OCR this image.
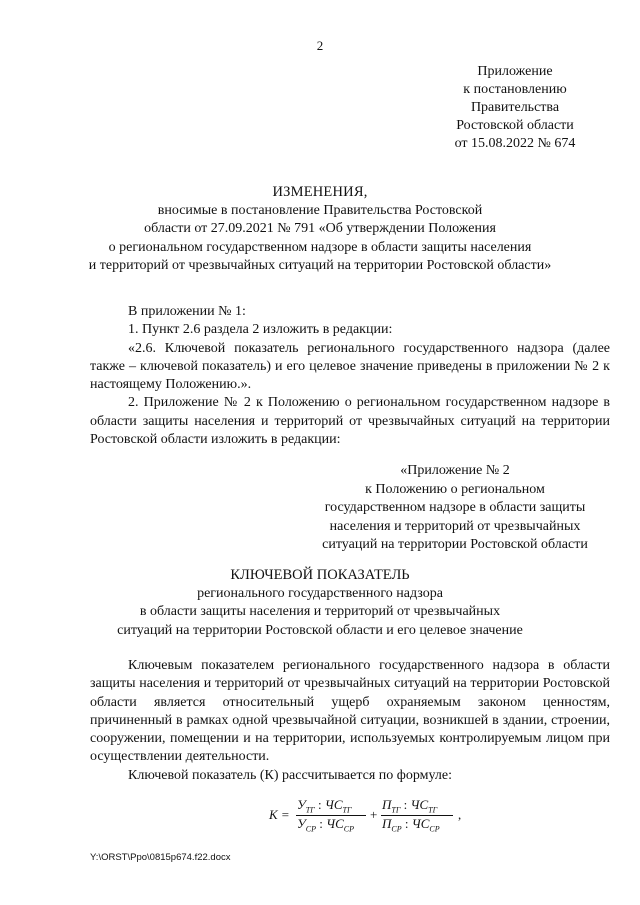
2
Приложение
к постановлению
Правительства
Ростовской области
от 15.08.2022 № 674
ИЗМЕНЕНИЯ,
вносимые в постановление Правительства Ростовской
области от 27.09.2021 № 791 «Об утверждении Положения
о региональном государственном надзоре в области защиты населения
и территорий от чрезвычайных ситуаций на территории Ростовской области»

В приложении № 1:

1. Пункт 2.6 раздела 2 изложить в редакции:

«2.6. Ключевой показатель регионального государственного надзора (далее также – ключевой показатель) и его целевое значение приведены в приложении № 2 к настоящему Положению.».

2. Приложение № 2 к Положению о региональном государственном надзоре в области защиты населения и территорий от чрезвычайных ситуаций на территории Ростовской области изложить в редакции:

«Приложение № 2
к Положению о региональном
государственном надзоре в области защиты
населения и территорий от чрезвычайных
ситуаций на территории Ростовской области
КЛЮЧЕВОЙ ПОКАЗАТЕЛЬ
регионального государственного надзора
в области защиты населения и территорий от чрезвычайных
ситуаций на территории Ростовской области и его целевое значение

Ключевым показателем регионального государственного надзора в области защиты населения и территорий от чрезвычайных ситуаций на территории Ростовской области является относительный ущерб охраняемым законом ценностям, причиненный в рамках одной чрезвычайной ситуации, возникшей в здании, строении, сооружении, помещении и на территории, используемых контролируемым лицом при осуществлении деятельности.

Ключевой показатель (К) рассчитывается по формуле:

К =
$У_{ТГ}$ : $ЧС_{ТГ}$
$У_{СР}$ : $ЧС_{СР}$
+
$П_{ТГ}$ : $ЧС_{ТГ}$
$П_{СР}$ : $ЧС_{СР}$
,
Y:\ORST\Ppo\0815p674.f22.docx
